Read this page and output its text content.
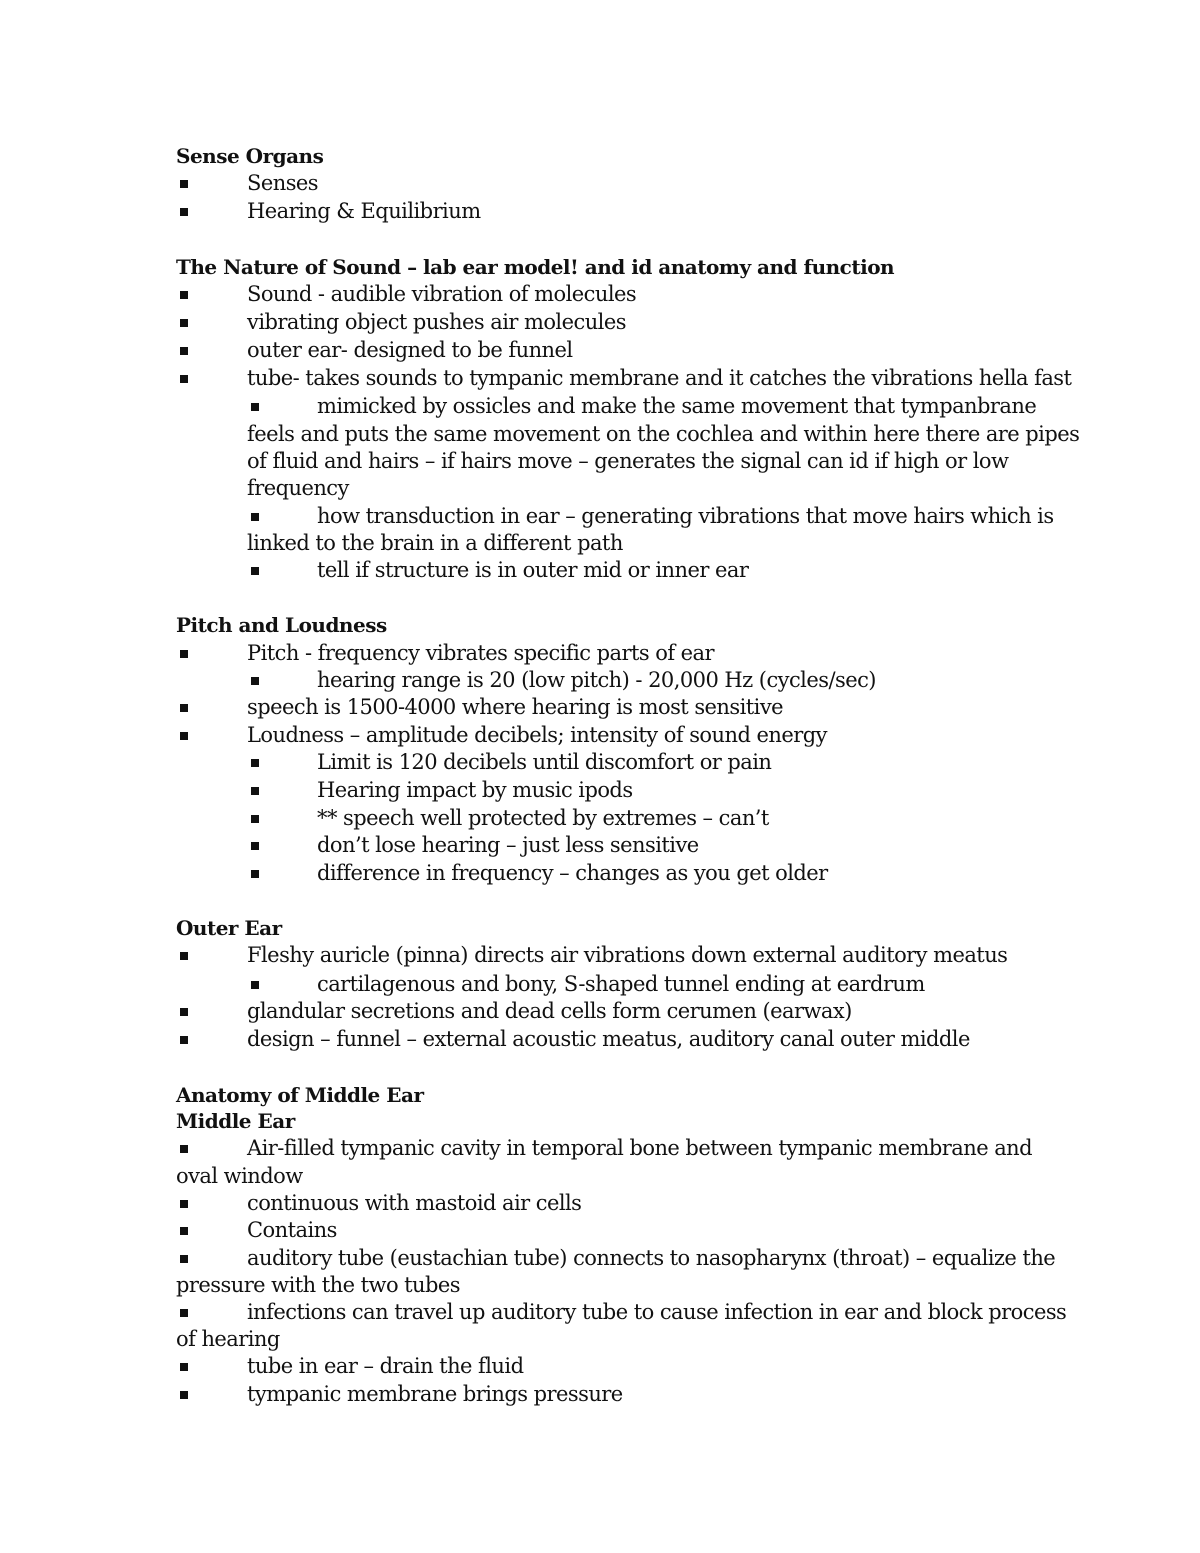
Sense Organs
Senses
Hearing & Equilibrium
The Nature of Sound – lab ear model! and id anatomy and function
Sound - audible vibration of molecules
vibrating object pushes air molecules
outer ear- designed to be funnel
tube- takes sounds to tympanic membrane and it catches the vibrations hella fast
mimicked by ossicles and make the same movement that tympanbrane
feels and puts the same movement on the cochlea and within here there are pipes
of fluid and hairs – if hairs move – generates the signal can id if high or low
frequency
how transduction in ear – generating vibrations that move hairs which is
linked to the brain in a different path
tell if structure is in outer mid or inner ear
Pitch and Loudness
Pitch - frequency vibrates specific parts of ear
hearing range is 20 (low pitch) - 20,000 Hz (cycles/sec)
speech is 1500-4000 where hearing is most sensitive
Loudness – amplitude decibels; intensity of sound energy
Limit is 120 decibels until discomfort or pain
Hearing impact by music ipods
** speech well protected by extremes – can’t
don’t lose hearing – just less sensitive
difference in frequency – changes as you get older
Outer Ear
Fleshy auricle (pinna) directs air vibrations down external auditory meatus
cartilagenous and bony, S-shaped tunnel ending at eardrum
glandular secretions and dead cells form cerumen (earwax)
design – funnel – external acoustic meatus, auditory canal outer middle
Anatomy of Middle Ear
Middle Ear
Air-filled tympanic cavity in temporal bone between tympanic membrane and
oval window
continuous with mastoid air cells
Contains
auditory tube (eustachian tube) connects to nasopharynx (throat) – equalize the
pressure with the two tubes
infections can travel up auditory tube to cause infection in ear and block process
of hearing
tube in ear – drain the fluid
tympanic membrane brings pressure
